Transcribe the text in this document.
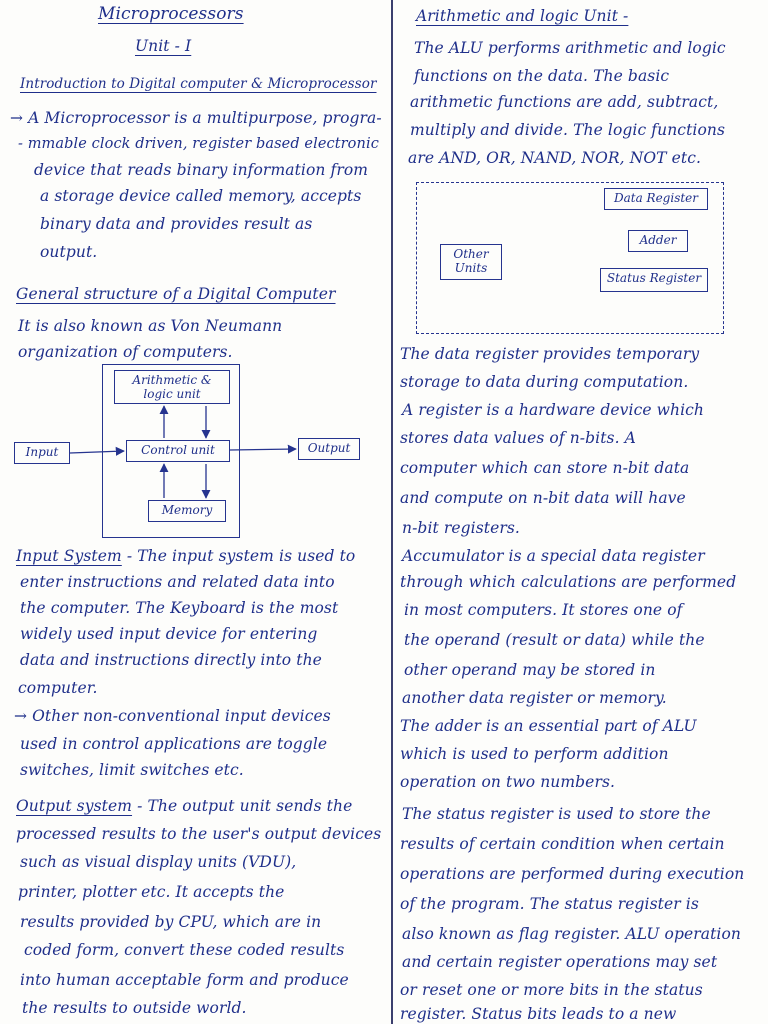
Microprocessors
Unit - I
Introduction to Digital computer & Microprocessor
→ A Microprocessor is a multipurpose, progra-
- mmable clock driven, register based electronic
device that reads binary information from
a storage device called memory, accepts
binary data and provides result as
output.
General structure of a Digital Computer
It is also known as Von Neumann
organization of computers.
Arithmetic & logic unit
Control unit
Memory
Input	Output
Input System - The input system is used to
enter instructions and related data into
the computer. The Keyboard is the most
widely used input device for entering
data and instructions directly into the
computer.
→ Other non-conventional input devices
used in control applications are toggle
switches, limit switches etc.
Output system - The output unit sends the
processed results to the user's output devices
such as visual display units (VDU),
printer, plotter etc. It accepts the
results provided by CPU, which are in
coded form, convert these coded results
into human acceptable form and produce
the results to outside world.
Arithmetic and logic Unit -
The ALU performs arithmetic and logic
functions on the data. The basic
arithmetic functions are add, subtract,
multiply and divide. The logic functions
are AND, OR, NAND, NOR, NOT etc.
Data Register
Adder
Status Register
Other Units
The data register provides temporary
storage to data during computation.
A register is a hardware device which
stores data values of n-bits. A
computer which can store n-bit data
and compute on n-bit data will have
n-bit registers.
Accumulator is a special data register
through which calculations are performed
in most computers. It stores one of
the operand (result or data) while the
other operand may be stored in
another data register or memory.
The adder is an essential part of ALU
which is used to perform addition
operation on two numbers.
The status register is used to store the
results of certain condition when certain
operations are performed during execution
of the program. The status register is
also known as flag register. ALU operation
and certain register operations may set
or reset one or more bits in the status
register. Status bits leads to a new
